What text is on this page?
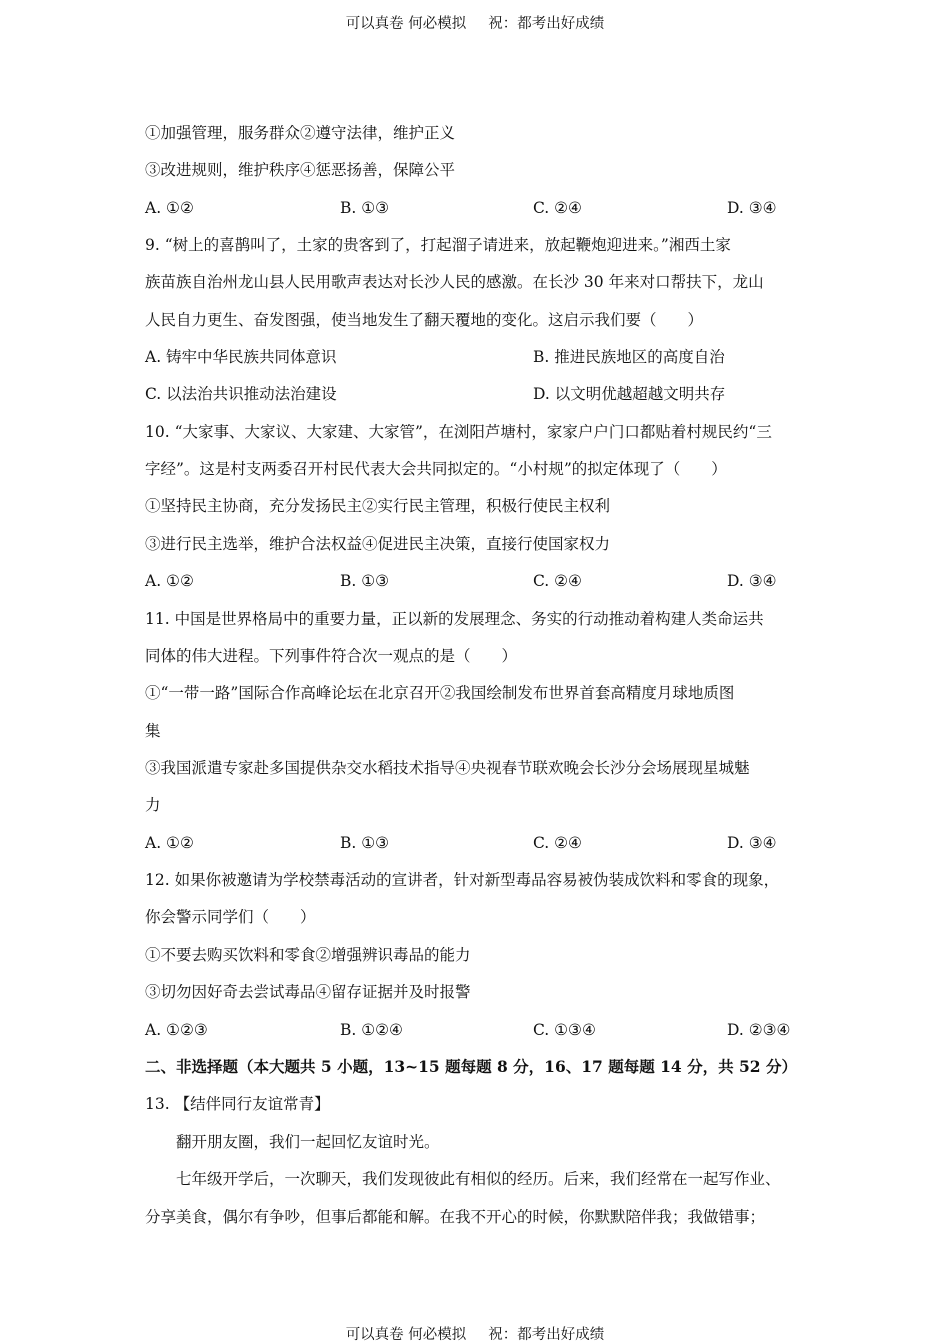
可以真卷 何必模拟 祝：都考出好成绩
①加强管理，服务群众②遵守法律，维护正义
③改进规则，维护秩序④惩恶扬善，保障公平
A. ①②	B. ①③	C. ②④	D. ③④
9. “树上的喜鹊叫了，土家的贵客到了，打起溜子请进来，放起鞭炮迎进来。”湘西土家
族苗族自治州龙山县人民用歌声表达对长沙人民的感激。在长沙 30 年来对口帮扶下，龙山
人民自力更生、奋发图强，使当地发生了翻天覆地的变化。这启示我们要（　　）
A. 铸牢中华民族共同体意识	B. 推进民族地区的高度自治
C. 以法治共识推动法治建设	D. 以文明优越超越文明共存
10. “大家事、大家议、大家建、大家管”，在浏阳芦塘村，家家户户门口都贴着村规民约“三
字经”。这是村支两委召开村民代表大会共同拟定的。“小村规”的拟定体现了（　　）
①坚持民主协商，充分发扬民主②实行民主管理，积极行使民主权利
③进行民主选举，维护合法权益④促进民主决策，直接行使国家权力
A. ①②	B. ①③	C. ②④	D. ③④
11. 中国是世界格局中的重要力量，正以新的发展理念、务实的行动推动着构建人类命运共
同体的伟大进程。下列事件符合次一观点的是（　　）
①“一带一路”国际合作高峰论坛在北京召开②我国绘制发布世界首套高精度月球地质图
集
③我国派遣专家赴多国提供杂交水稻技术指导④央视春节联欢晚会长沙分会场展现星城魅
力
A. ①②	B. ①③	C. ②④	D. ③④
12. 如果你被邀请为学校禁毒活动的宣讲者，针对新型毒品容易被伪装成饮料和零食的现象，
你会警示同学们（　　）
①不要去购买饮料和零食②增强辨识毒品的能力
③切勿因好奇去尝试毒品④留存证据并及时报警
A. ①②③	B. ①②④	C. ①③④	D. ②③④
二、非选择题（本大题共 5 小题，13~15 题每题 8 分，16、17 题每题 14 分，共 52 分）
13. 【结伴同行友谊常青】
翻开朋友圈，我们一起回忆友谊时光。
七年级开学后，一次聊天，我们发现彼此有相似的经历。后来，我们经常在一起写作业、
分享美食，偶尔有争吵，但事后都能和解。在我不开心的时候，你默默陪伴我；我做错事；
可以真卷 何必模拟 祝：都考出好成绩
